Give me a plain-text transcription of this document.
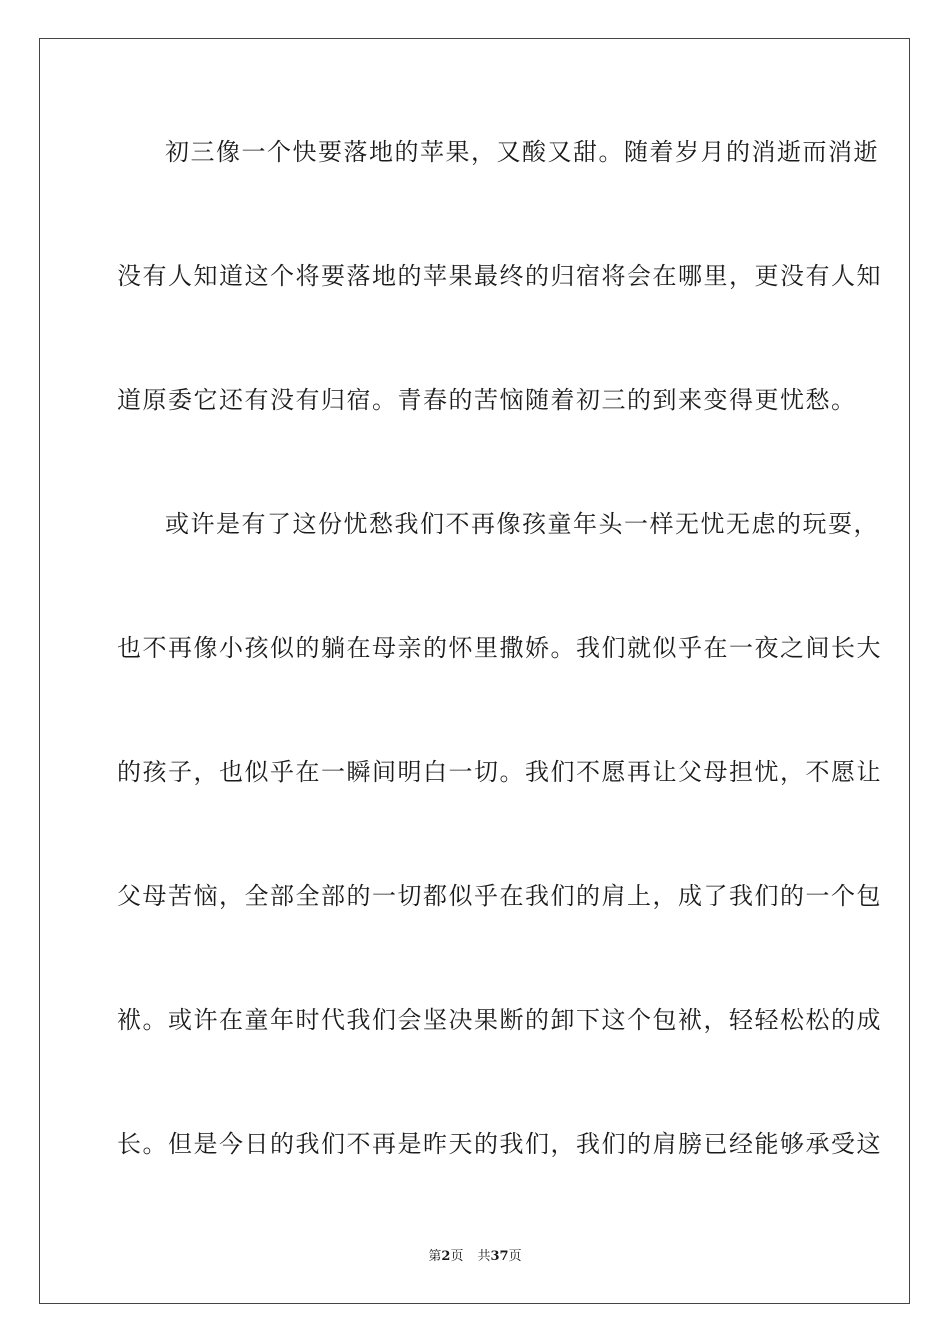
初三像一个快要落地的苹果，又酸又甜。随着岁月的消逝而消逝
没有人知道这个将要落地的苹果最终的归宿将会在哪里，更没有人知
道原委它还有没有归宿。青春的苦恼随着初三的到来变得更忧愁。
或许是有了这份忧愁我们不再像孩童年头一样无忧无虑的玩耍，
也不再像小孩似的躺在母亲的怀里撒娇。我们就似乎在一夜之间长大
的孩子，也似乎在一瞬间明白一切。我们不愿再让父母担忧，不愿让
父母苦恼，全部全部的一切都似乎在我们的肩上，成了我们的一个包
袱。或许在童年时代我们会坚决果断的卸下这个包袱，轻轻松松的成
长。但是今日的我们不再是昨天的我们，我们的肩膀已经能够承受这
第2页 共37页
